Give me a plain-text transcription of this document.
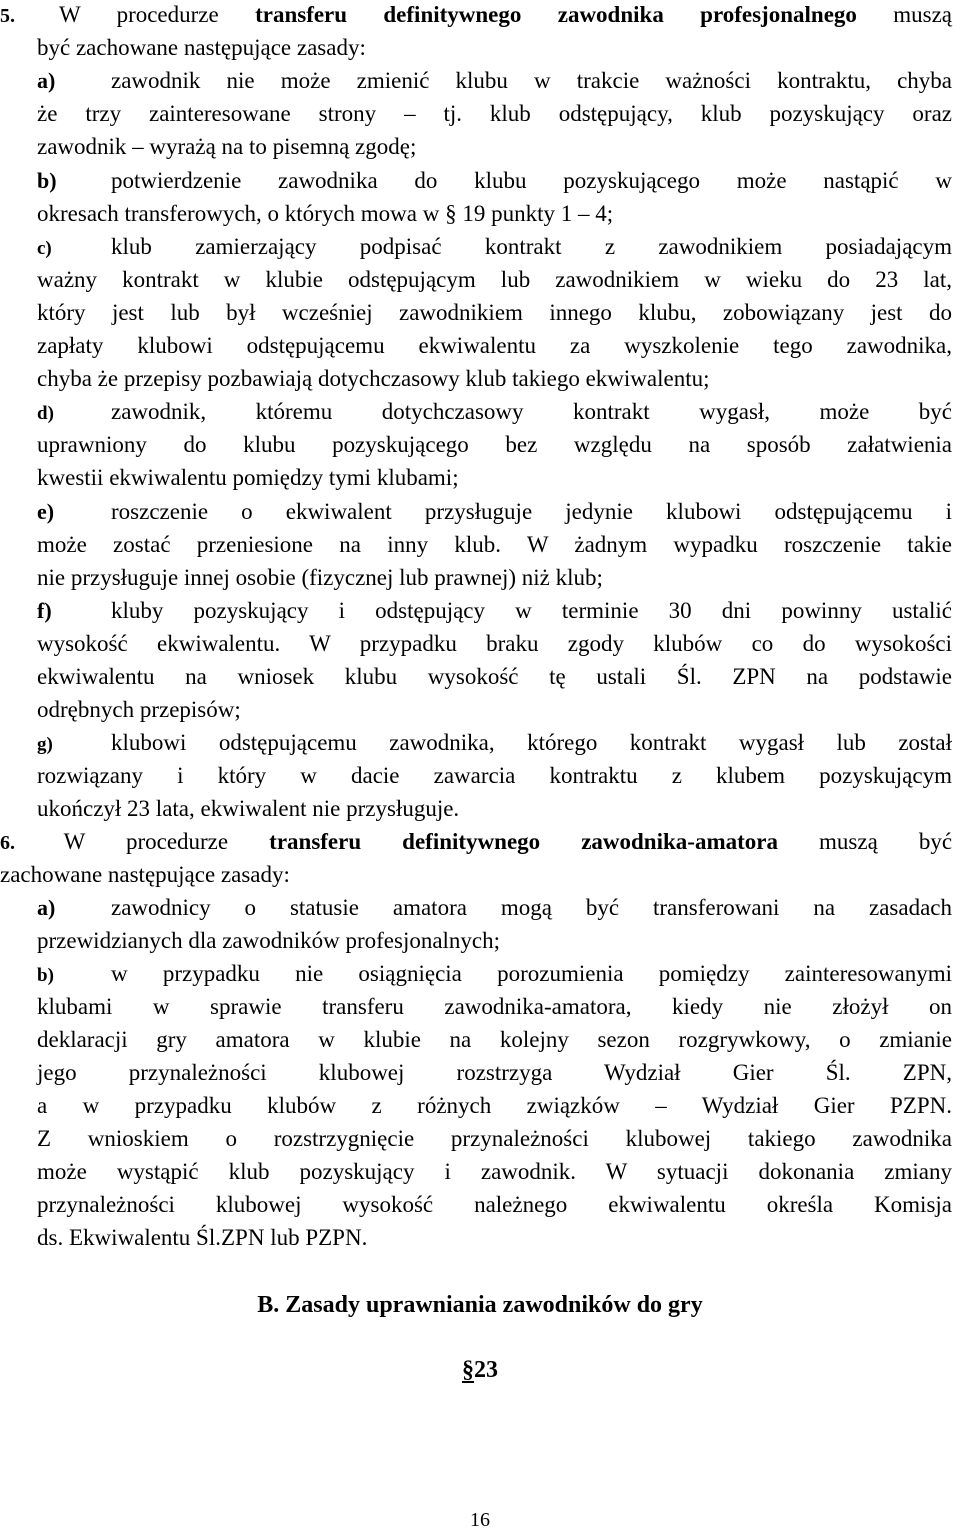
5. W procedurze transferu definitywnego zawodnika profesjonalnego muszą
być zachowane następujące zasady:
a) zawodnik nie może zmienić klubu w trakcie ważności kontraktu, chyba
że trzy zainteresowane strony – tj. klub odstępujący, klub pozyskujący oraz
zawodnik – wyrażą na to pisemną zgodę;
b) potwierdzenie zawodnika do klubu pozyskującego może nastąpić w
okresach transferowych, o których mowa w § 19 punkty 1 – 4;
c)	klub zamierzający podpisać kontrakt z zawodnikiem posiadającym
ważny kontrakt w klubie odstępującym lub zawodnikiem w wieku do 23 lat,
który jest lub był wcześniej zawodnikiem innego klubu, zobowiązany jest do
zapłaty klubowi odstępującemu ekwiwalentu za wyszkolenie tego zawodnika,
chyba że przepisy pozbawiają dotychczasowy klub takiego ekwiwalentu;
d) zawodnik, któremu dotychczasowy kontrakt wygasł, może być
uprawniony do klubu pozyskującego bez względu na sposób załatwienia
kwestii ekwiwalentu pomiędzy tymi klubami;
e) roszczenie o ekwiwalent przysługuje jedynie klubowi odstępującemu i
może zostać przeniesione na inny klub. W żadnym wypadku roszczenie takie
nie przysługuje innej osobie (fizycznej lub prawnej) niż klub;
f)	kluby pozyskujący i odstępujący w terminie 30 dni powinny ustalić
wysokość ekwiwalentu. W przypadku braku zgody klubów co do wysokości
ekwiwalentu na wniosek klubu wysokość tę ustali Śl. ZPN na podstawie
odrębnych przepisów;
g)	klubowi odstępującemu zawodnika, którego kontrakt wygasł lub został
rozwiązany i który w dacie zawarcia kontraktu z klubem pozyskującym
ukończył 23 lata, ekwiwalent nie przysługuje.
6. W procedurze transferu definitywnego zawodnika-amatora muszą być
zachowane następujące zasady:
a) zawodnicy o statusie amatora mogą być transferowani na zasadach
przewidzianych dla zawodników profesjonalnych;
b) w przypadku nie osiągnięcia porozumienia pomiędzy zainteresowanymi
klubami w sprawie transferu zawodnika-amatora, kiedy nie złożył on
deklaracji gry amatora w klubie na kolejny sezon rozgrywkowy, o zmianie
jego przynależności klubowej rozstrzyga Wydział Gier Śl. ZPN,
a w przypadku klubów z różnych związków – Wydział Gier PZPN.
Z wnioskiem o rozstrzygnięcie przynależności klubowej takiego zawodnika
może wystąpić klub pozyskujący i zawodnik. W sytuacji dokonania zmiany
przynależności klubowej wysokość należnego ekwiwalentu określa Komisja
ds. Ekwiwalentu Śl.ZPN lub PZPN.
B. Zasady uprawniania zawodników do gry
§23
16
